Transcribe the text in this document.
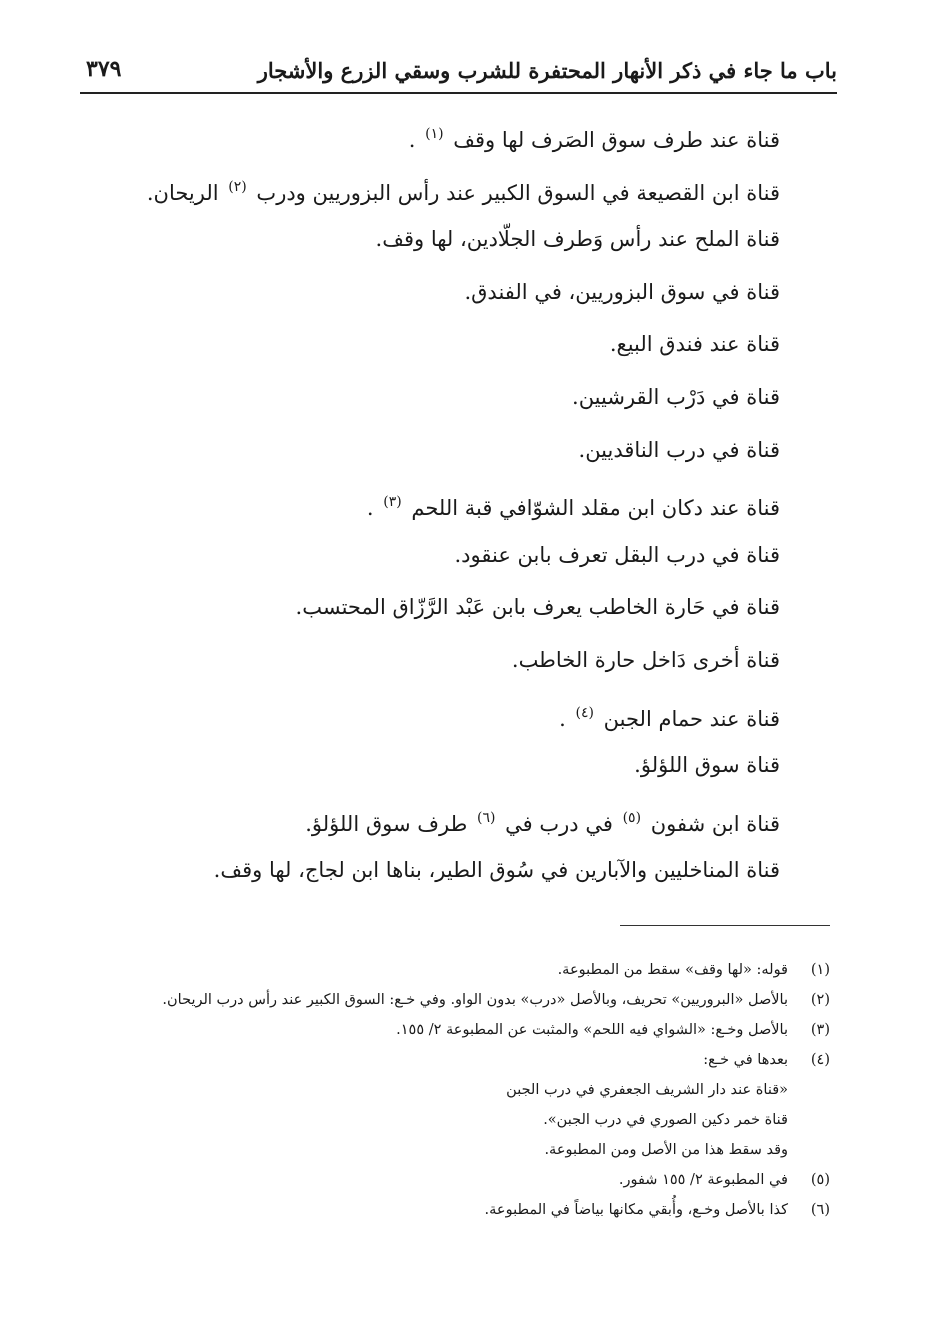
باب ما جاء في ذكر الأنهار المحتفرة للشرب وسقي الزرع والأشجار
٣٧٩
قناة عند طرف سوق الصَرف لها وقف $^{(١)}$ .
قناة ابن القصيعة في السوق الكبير عند رأس البزوريين ودرب $^{(٢)}$ الريحان.
قناة الملح عند رأس وَطرف الجلّادين، لها وقف.
قناة في سوق البزوريين، في الفندق.
قناة عند فندق البيع.
قناة في دَرْب القرشيين.
قناة في درب الناقديين.
قناة عند دكان ابن مقلد الشوّافي قبة اللحم $^{(٣)}$ .
قناة في درب البقل تعرف بابن عنقود.
قناة في حَارة الخاطب يعرف بابن عَبْد الرَّزّاق المحتسب.
قناة أخرى دَاخل حارة الخاطب.
قناة عند حمام الجبن $^{(٤)}$ .
قناة سوق اللؤلؤ.
قناة ابن شفون $^{(٥)}$ في درب في $^{(٦)}$ طرف سوق اللؤلؤ.
قناة المناخليين والآبارين في سُوق الطير، بناها ابن لجاج، لها وقف.
(١)
قوله: «لها وقف» سقط من المطبوعة.
(٢)
بالأصل «البروريين» تحريف، وبالأصل «درب» بدون الواو. وفي خـع: السوق الكبير عند رأس درب الريحان.
(٣)
بالأصل وخـع: «الشواي فيه اللحم» والمثبت عن المطبوعة ٢/ ١٥٥.
(٤)
بعدها في خـع:
«قناة عند دار الشريف الجعفري في درب الجبن
قناة خمر دكين الصوري في درب الجبن».
وقد سقط هذا من الأصل ومن المطبوعة.
(٥)
في المطبوعة ٢/ ١٥٥ شفور.
(٦)
كذا بالأصل وخـع، وأُبقي مكانها بياضاً في المطبوعة.
